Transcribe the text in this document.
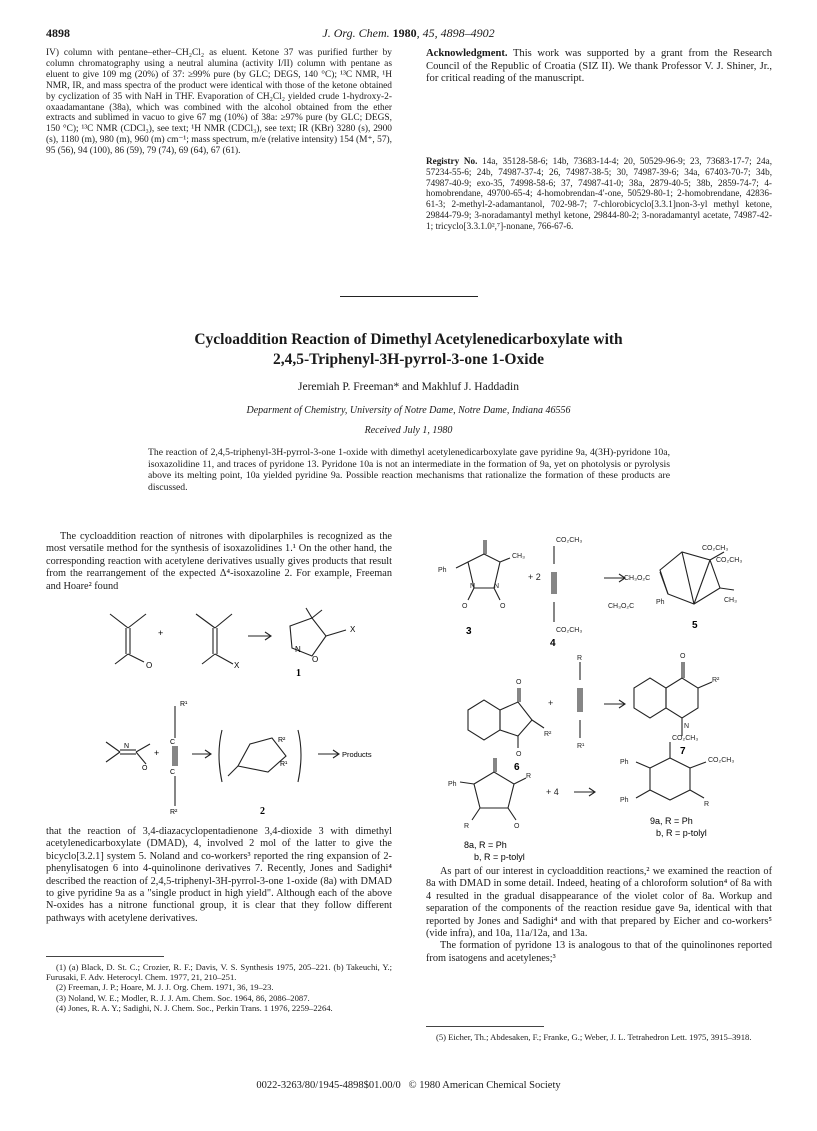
4898	J. Org. Chem. 1980, 45, 4898–4902

IV) column with pentane–ether–CH₂Cl₂ as eluent. Ketone 37 was purified further by column chromatography using a neutral alumina (activity I/II) column with pentane as eluent to give 109 mg (20%) of 37: ≥99% pure (by GLC; DEGS, 140 °C); ¹³C NMR, ¹H NMR, IR, and mass spectra of the product were identical with those of the ketone obtained by cyclization of 35 with NaH in THF. Evaporation of CH₂Cl₂ yielded crude 1-hydroxy-2-oxaadamantane (38a), which was combined with the alcohol obtained from the ether extracts and sublimed in vacuo to give 67 mg (10%) of 38a: ≥97% pure (by GLC; DEGS, 150 °C); ¹³C NMR (CDCl₃), see text; ¹H NMR (CDCl₃), see text; IR (KBr) 3280 (s), 2900 (s), 1180 (m), 980 (m), 960 (m) cm⁻¹; mass spectrum, m/e (relative intensity) 154 (M⁺, 57), 95 (56), 94 (100), 86 (59), 79 (74), 69 (64), 67 (61).

Acknowledgment. This work was supported by a grant from the Research Council of the Republic of Croatia (SIZ II). We thank Professor V. J. Shiner, Jr., for critical reading of the manuscript.

Registry No. 14a, 35128-58-6; 14b, 73683-14-4; 20, 50529-96-9; 23, 73683-17-7; 24a, 57234-55-6; 24b, 74987-37-4; 26, 74987-38-5; 30, 74987-39-6; 34a, 67403-70-7; 34b, 74987-40-9; exo-35, 74998-58-6; 37, 74987-41-0; 38a, 2879-40-5; 38b, 2859-74-7; 4-homobrendane, 49700-65-4; 4-homobrendan-4′-one, 50529-80-1; 2-homobrendane, 42836-61-3; 2-methyl-2-adamantanol, 702-98-7; 7-chlorobicyclo[3.3.1]non-3-yl methyl ketone, 29844-79-9; 3-noradamantyl methyl ketone, 29844-80-2; 3-noradamantyl acetate, 74987-42-1; tricyclo[3.3.1.0²,⁷]-nonane, 766-67-6.

Cycloaddition Reaction of Dimethyl Acetylenedicarboxylate with
2,4,5-Triphenyl-3H-pyrrol-3-one 1-Oxide
Jeremiah P. Freeman* and Makhluf J. Haddadin
Deparment of Chemistry, University of Notre Dame, Notre Dame, Indiana 46556
Received July 1, 1980
The reaction of 2,4,5-triphenyl-3H-pyrrol-3-one 1-oxide with dimethyl acetylenedicarboxylate gave pyridine 9a, 4(3H)-pyridone 10a, isoxazolidine 11, and traces of pyridone 13. Pyridone 10a is not an intermediate in the formation of 9a, yet on photolysis or pyrolysis above its melting point, 10a yielded pyridine 9a. Possible reaction mechanisms that rationalize the formation of these products are discussed.

The cycloaddition reaction of nitrones with dipolarphiles is recognized as the most versatile method for the synthesis of isoxazolidines 1.¹ On the other hand, the corresponding reaction with acetylene derivatives usually gives products that result from the rearrangement of the expected Δ⁴-isoxazoline 2. For example, Freeman and Hoare² found

+
O	X
X
N
O
1
R¹
C
C
R²
+
N
O
R²
R¹
2
Products

that the reaction of 3,4-diazacyclopentadienone 3,4-dioxide 3 with dimethyl acetylenedicarboxylate (DMAD), 4, involved 2 mol of the latter to give the bicyclo[3.2.1] system 5. Noland and co-workers³ reported the ring expansion of 2-phenylisatogen 6 into 4-quinolinone derivatives 7. Recently, Jones and Sadighi⁴ described the reaction of 2,4,5-triphenyl-3H-pyrrol-3-one 1-oxide (8a) with DMAD to give pyridine 9a as a "single product in high yield". Although each of the above N-oxides has a nitrone functional group, it is clear that they follow different pathways with acetylene derivatives.

(1) (a) Black, D. St. C.; Crozier, R. F.; Davis, V. S. Synthesis 1975, 205–221. (b) Takeuchi, Y.; Furusaki, F. Adv. Heterocyl. Chem. 1977, 21, 210–251.

(2) Freeman, J. P.; Hoare, M. J. J. Org. Chem. 1971, 36, 19–23.

(3) Noland, W. E.; Modler, R. J. J. Am. Chem. Soc. 1964, 86, 2086–2087.

(4) Jones, R. A. Y.; Sadighi, N. J. Chem. Soc., Perkin Trans. 1 1976, 2259–2264.

Ph
CH₃
N	N
O	O
+ 2
CO₂CH₃
CO₂CH₃
CH₃O₂C
CH₃O₂C
CO₂CH₃
CO₂CH₃
Ph	CH₃
O
R²
O
R
R¹
+
O
R²
N
Ph
R
R	O
+ 4
CO₂CH₃
CO₂CH₃
Ph
Ph
R
3
4
5
6
7
8a, R = Ph
b, R = p-tolyl
9a, R = Ph
b, R = p-tolyl

As part of our interest in cycloaddition reactions,² we examined the reaction of 8a with DMAD in some detail. Indeed, heating of a chloroform solution⁴ of 8a with 4 resulted in the gradual disappearance of the violet color of 8a. Workup and separation of the components of the reaction residue gave 9a, identical with that reported by Jones and Sadighi⁴ and with that prepared by Eicher and co-workers⁵ (vide infra), and 10a, 11a/12a, and 13a.

The formation of pyridone 13 is analogous to that of the quinolinones reported from isatogens and acetylenes;³

(5) Eicher, Th.; Abdesaken, F.; Franke, G.; Weber, J. L. Tetrahedron Lett. 1975, 3915–3918.

0022-3263/80/1945-4898$01.00/0 © 1980 American Chemical Society
